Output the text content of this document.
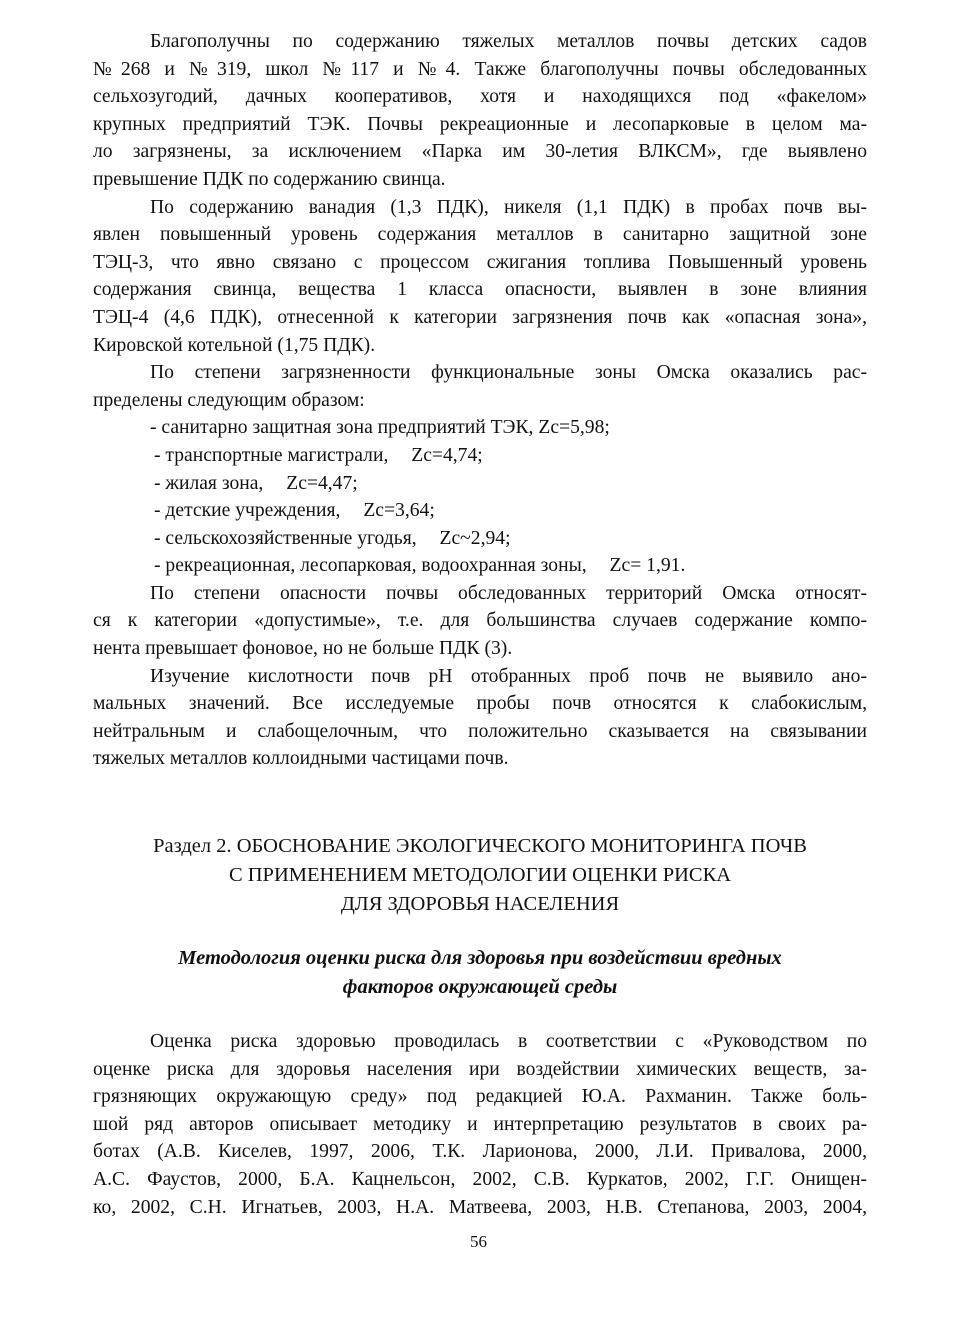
Благополучны по содержанию тяжелых металлов почвы детских садов
№268 и №319, школ №117 и №4. Также благополучны почвы обследованных
сельхозугодий, дачных кооперативов, хотя и находящихся под «факелом»
крупных предприятий ТЭК. Почвы рекреационные и лесопарковые в целом ма-
ло загрязнены, за исключением «Парка им 30-летия ВЛКСМ», где выявлено
превышение ПДК по содержанию свинца.
По содержанию ванадия (1,3 ПДК), никеля (1,1 ПДК) в пробах почв вы-
явлен повышенный уровень содержания металлов в санитарно защитной зоне
ТЭЦ-3, что явно связано с процессом сжигания топлива Повышенный уровень
содержания свинца, вещества 1 класса опасности, выявлен в зоне влияния
ТЭЦ-4 (4,6 ПДК), отнесенной к категории загрязнения почв как «опасная зона»,
Кировской котельной (1,75 ПДК).
По степени загрязненности функциональные зоны Омска оказались рас-
пределены следующим образом:
- санитарно защитная зона предприятий ТЭК, Zc=5,98;
- транспортные магистрали, Zc=4,74;
- жилая зона, Zc=4,47;
- детские учреждения, Zc=3,64;
- сельскохозяйственные угодья, Zc~2,94;
- рекреационная, лесопарковая, водоохранная зоны, Zc= 1,91.
По степени опасности почвы обследованных территорий Омска относят-
ся к категории «допустимые», т.е. для большинства случаев содержание компо-
нента превышает фоновое, но не больше ПДК (3).
Изучение кислотности почв рН отобранных проб почв не выявило ано-
мальных значений. Все исследуемые пробы почв относятся к слабокислым,
нейтральным и слабощелочным, что положительно сказывается на связывании
тяжелых металлов коллоидными частицами почв.
Раздел 2. ОБОСНОВАНИЕ ЭКОЛОГИЧЕСКОГО МОНИТОРИНГА ПОЧВ
С ПРИМЕНЕНИЕМ МЕТОДОЛОГИИ ОЦЕНКИ РИСКА
ДЛЯ ЗДОРОВЬЯ НАСЕЛЕНИЯ
Методология оценки риска для здоровья при воздействии вредных
факторов окружающей среды
Оценка риска здоровью проводилась в соответствии с «Руководством по
оценке риска для здоровья населения ири воздействии химических веществ, за-
грязняющих окружающую среду» под редакцией Ю.А. Рахманин. Также боль-
шой ряд авторов описывает методику и интерпретацию результатов в своих ра-
ботах (А.В. Киселев, 1997, 2006, Т.К. Ларионова, 2000, Л.И. Привалова, 2000,
А.С. Фаустов, 2000, Б.А. Кацнельсон, 2002, С.В. Куркатов, 2002, Г.Г. Онищен-
ко, 2002, С.Н. Игнатьев, 2003, Н.А. Матвеева, 2003, Н.В. Степанова, 2003, 2004,
56
